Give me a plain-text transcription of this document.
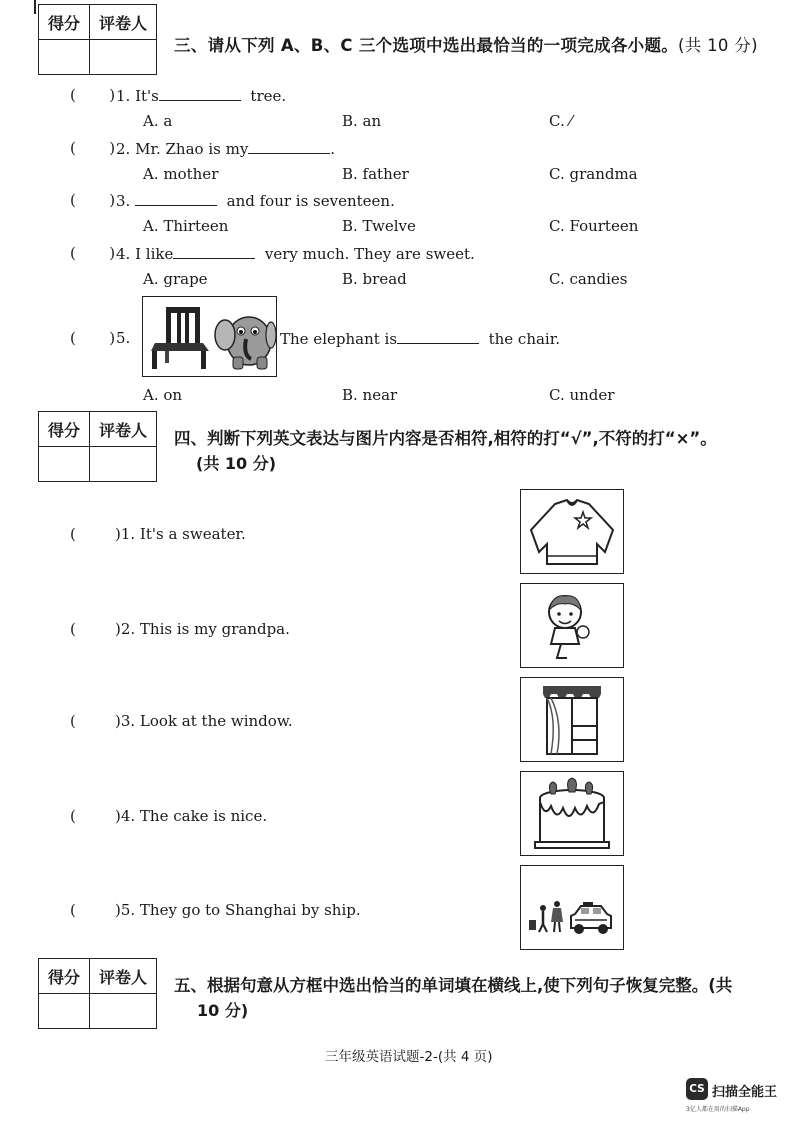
得分	评卷人

三、请从下列 A、B、C 三个选项中选出最恰当的一项完成各小题。(共 10 分)
(       ) 1. It's	tree.
A. a	B. an	C. ⁄
(       ) 2. Mr. Zhao is my	.
A. mother	B. father	C. grandma
(       ) 3.	and four is seventeen.
A. Thirteen	B. Twelve	C. Fourteen
(       ) 4. I like	very much. They are sweet.
A. grape	B. bread	C. candies
(       ) 5.	The elephant is	the chair.
A. on	B. near	C. under
得分	评卷人
	四、判断下列英文表达与图片内容是否相符,相符的打“√”,不符的打“×”。
(共 10 分)
(	)1. It's a sweater.
(	)2. This is my grandpa.
(	)3. Look at the window.
(	)4. The cake is nice.
(	)5. They go to Shanghai by ship.
得分	评卷人
	五、根据句意从方框中选出恰当的单词填在横线上,使下列句子恢复完整。(共
10 分)
三年级英语试题-2-(共 4 页)
CS 扫描全能王
3亿人都在用的扫描App
